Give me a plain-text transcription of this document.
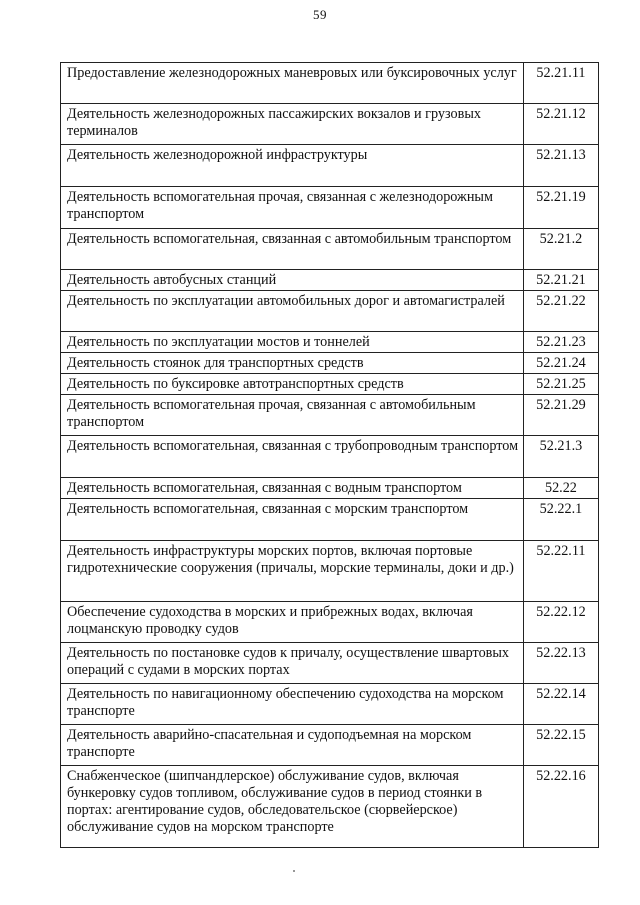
59
Предоставление железнодорожных маневровых или буксировочных услуг	52.21.11
Деятельность железнодорожных пассажирских вокзалов и грузовых терминалов	52.21.12
Деятельность железнодорожной инфраструктуры	52.21.13
Деятельность вспомогательная прочая, связанная с железнодорожным транспортом	52.21.19
Деятельность вспомогательная, связанная с автомобильным транспортом	52.21.2
Деятельность автобусных станций	52.21.21
Деятельность по эксплуатации автомобильных дорог и автомагистралей	52.21.22
Деятельность по эксплуатации мостов и тоннелей	52.21.23
Деятельность стоянок для транспортных средств	52.21.24
Деятельность по буксировке автотранспортных средств	52.21.25
Деятельность вспомогательная прочая, связанная с автомобильным транспортом	52.21.29
Деятельность вспомогательная, связанная с трубопроводным транспортом	52.21.3
Деятельность вспомогательная, связанная с водным транспортом	52.22
Деятельность вспомогательная, связанная с морским транспортом	52.22.1
Деятельность инфраструктуры морских портов, включая портовые гидротехнические сооружения (причалы, морские терминалы, доки и др.)	52.22.11
Обеспечение судоходства в морских и прибрежных водах, включая лоцманскую проводку судов	52.22.12
Деятельность по постановке судов к причалу, осуществление швартовых операций с судами в морских портах	52.22.13
Деятельность по навигационному обеспечению судоходства на морском транспорте	52.22.14
Деятельность аварийно-спасательная и судоподъемная на морском транспорте	52.22.15
Снабженческое (шипчандлерское) обслуживание судов, включая бункеровку судов топливом, обслуживание судов в период стоянки в портах: агентирование судов, обследовательское (сюрвейерское) обслуживание судов на морском транспорте	52.22.16
